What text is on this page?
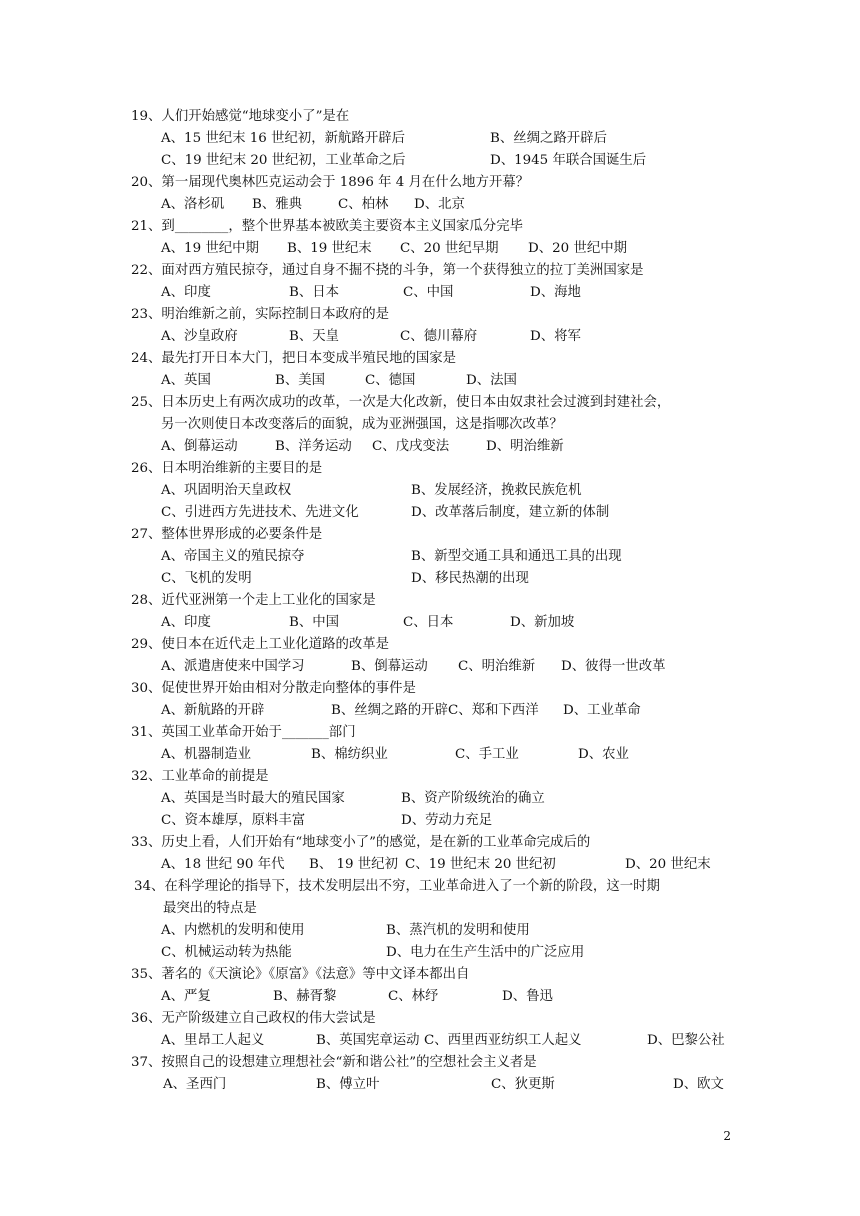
19、人们开始感觉“地球变小了”是在
A、15 世纪末 16 世纪初，新航路开辟后	B、丝绸之路开辟后
C、19 世纪末 20 世纪初，工业革命之后	D、1945 年联合国诞生后
20、第一届现代奥林匹克运动会于 1896 年 4 月在什么地方开幕？
A、洛杉矶 B、雅典	C、柏林 D、北京
21、到________，整个世界基本被欧美主要资本主义国家瓜分完毕
A、19 世纪中期 B、19 世纪末 C、20 世纪早期 D、20 世纪中期
22、面对西方殖民掠夺，通过自身不掘不挠的斗争，第一个获得独立的拉丁美洲国家是
A、印度	B、日本	C、中国	D、海地
23、明治维新之前，实际控制日本政府的是
A、沙皇政府	B、天皇	C、德川幕府	D、将军
24、最先打开日本大门，把日本变成半殖民地的国家是
A、英国	B、美国	C、德国	D、法国
25、日本历史上有两次成功的改革，一次是大化改新，使日本由奴隶社会过渡到封建社会，
另一次则使日本改变落后的面貌，成为亚洲强国，这是指哪次改革？
A、倒幕运动	B、洋务运动 C、戊戌变法	D、明治维新
26、日本明治维新的主要目的是
A、巩固明治天皇政权	B、发展经济，挽救民族危机
C、引进西方先进技术、先进文化	D、改革落后制度，建立新的体制
27、整体世界形成的必要条件是
A、帝国主义的殖民掠夺	B、新型交通工具和通迅工具的出现
C、飞机的发明	D、移民热潮的出现
28、近代亚洲第一个走上工业化的国家是
A、印度	B、中国	C、日本	D、新加坡
29、使日本在近代走上工业化道路的改革是
A、派遣唐使来中国学习	B、倒幕运动 C、明治维新 D、彼得一世改革
30、促使世界开始由相对分散走向整体的事件是
A、新航路的开辟	B、丝绸之路的开辟 C、郑和下西洋 D、工业革命
31、英国工业革命开始于_______部门
A、机器制造业	B、棉纺织业	C、手工业	D、农业
32、工业革命的前提是
A、英国是当时最大的殖民国家	B、资产阶级统治的确立
C、资本雄厚，原料丰富	D、劳动力充足
33、历史上看，人们开始有“地球变小了”的感觉，是在新的工业革命完成后的
A、18 世纪 90 年代 B、 19 世纪初 C、19 世纪末 20 世纪初	D、20 世纪末
34、在科学理论的指导下，技术发明层出不穷，工业革命进入了一个新的阶段，这一时期
最突出的特点是
A、内燃机的发明和使用	B、蒸汽机的发明和使用
C、机械运动转为热能	D、电力在生产生活中的广泛应用
35、著名的《天演论》《原富》《法意》等中文译本都出自
A、严复	B、赫胥黎	C、林纾	D、鲁迅
36、无产阶级建立自己政权的伟大尝试是
A、里昂工人起义	B、英国宪章运动 C、西里西亚纺织工人起义	D、巴黎公社
37、按照自己的设想建立理想社会“新和谐公社”的空想社会主义者是
A、圣西门	B、傅立叶	C、狄更斯	D、欧文
2
